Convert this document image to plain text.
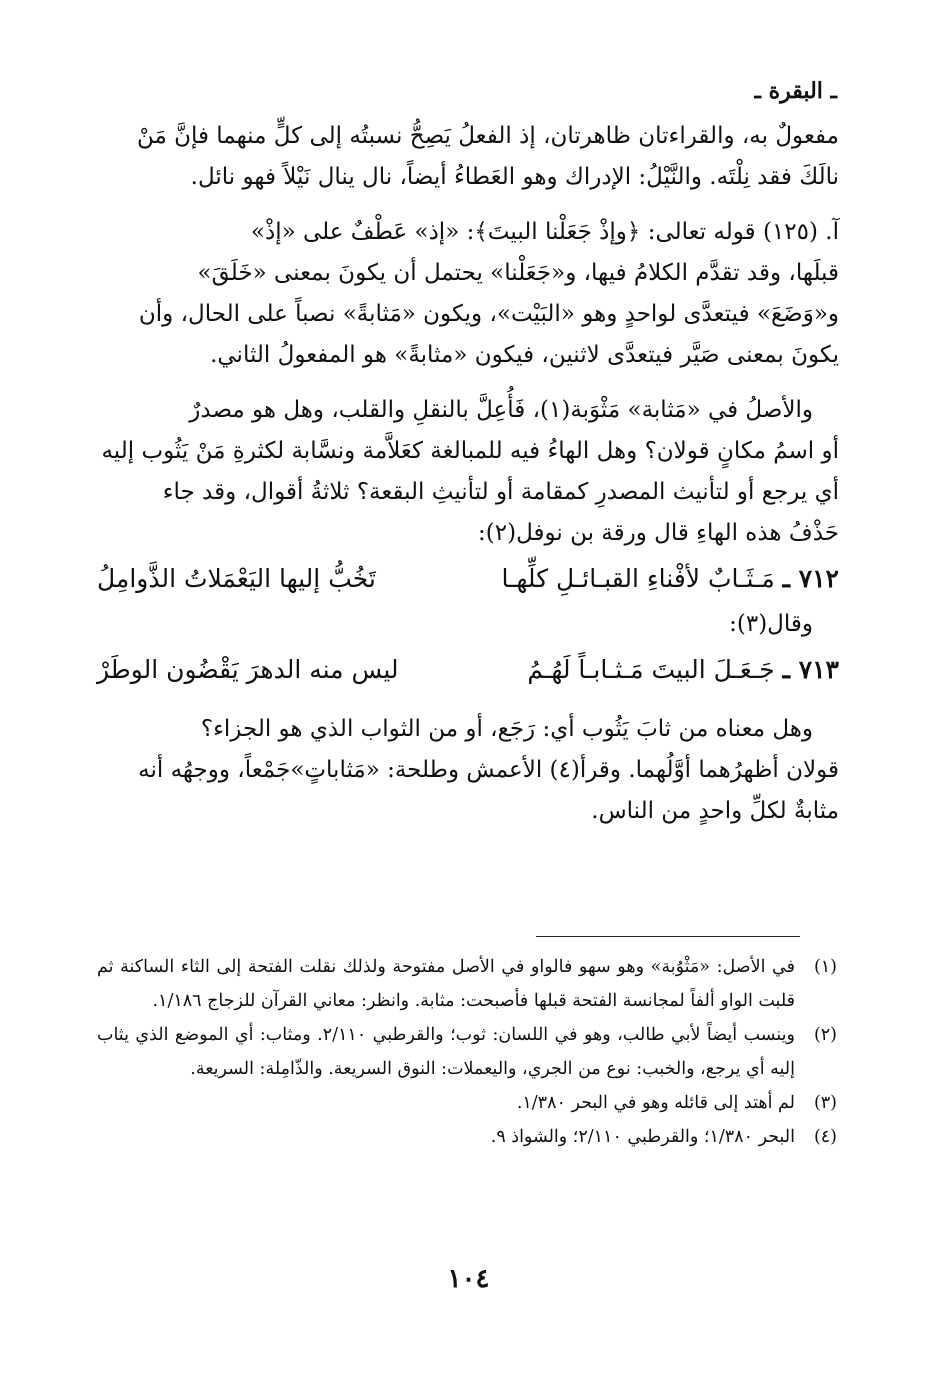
ـ البقرة ـ

مفعولٌ به، والقراءتان ظاهرتان، إذ الفعلُ يَصِحُّ نسبتُه إلى كلٍّ منهما فإنَّ مَنْ

نالَكَ فقد نِلْتَه. والنَّيْلُ: الإدراك وهو العَطاءُ أيضاً، نال ينال نَيْلاً فهو نائل.

آ. (١٢٥) قوله تعالى: ﴿وإذْ جَعَلْنا البيتَ﴾: «إذ» عَطْفٌ على «إذْ»

قبلَها، وقد تقدَّم الكلامُ فيها، و«جَعَلْنا» يحتمل أن يكونَ بمعنى «خَلَقَ»

و«وَضَعَ» فيتعدَّى لواحدٍ وهو «البَيْت»، ويكون «مَثابةً» نصباً على الحال، وأن

يكونَ بمعنى صَيَّر فيتعدَّى لاثنين، فيكون «مثابةً» هو المفعولُ الثاني.

والأصلُ في «مَثابة» مَثْوَبة(١)، فَأُعِلَّ بالنقلِ والقلب، وهل هو مصدرٌ

أو اسمُ مكانٍ قولان؟ وهل الهاءُ فيه للمبالغة كعَلاَّمة ونسَّابة لكثرةِ مَنْ يَثُوب إليه

أي يرجع أو لتأنيث المصدرِ كمقامة أو لتأنيثِ البقعة؟ ثلاثةُ أقوال، وقد جاء

حَذْفُ هذه الهاءِ قال ورقة بن نوفل(٢):

٧١٢ ـ مَـثَـابٌ لأفْناءِ القبـائـلِ كلِّهـا
تَخُبُّ إليها اليَعْمَلاتُ الذَّوامِلُ

وقال(٣):

٧١٣ ـ جَـعَـلَ البيتَ مَـثـابـاً لَهُـمُ
ليس منه الدهرَ يَقْضُون الوطَرْ

وهل معناه من ثابَ يَثُوب أي: رَجَع، أو من الثواب الذي هو الجزاء؟

قولان أظهرُهما أوَّلُهما. وقرأ(٤) الأعمش وطلحة: «مَثاباتٍ»جَمْعاً، ووجهُه أنه

مثابةٌ لكلِّ واحدٍ من الناس.

(١)
في الأصل: «مَثْوُبة» وهو سهو فالواو في الأصل مفتوحة ولذلك نقلت الفتحة إلى الثاء الساكنة ثم قلبت الواو ألفاً لمجانسة الفتحة قبلها فأصبحت: مثابة. وانظر: معاني القرآن للزجاج ١/١٨٦.
(٢)
وينسب أيضاً لأبي طالب، وهو في اللسان: ثوب؛ والقرطبي ٢/١١٠. ومثاب: أي الموضع الذي يثاب إليه أي يرجع، والخبب: نوع من الجري، واليعملات: النوق السريعة. والذّامِلة: السريعة.
(٣)
لم أهتد إلى قائله وهو في البحر ١/٣٨٠.
(٤)
البحر ١/٣٨٠؛ والقرطبي ٢/١١٠؛ والشواذ ٩.
١٠٤
